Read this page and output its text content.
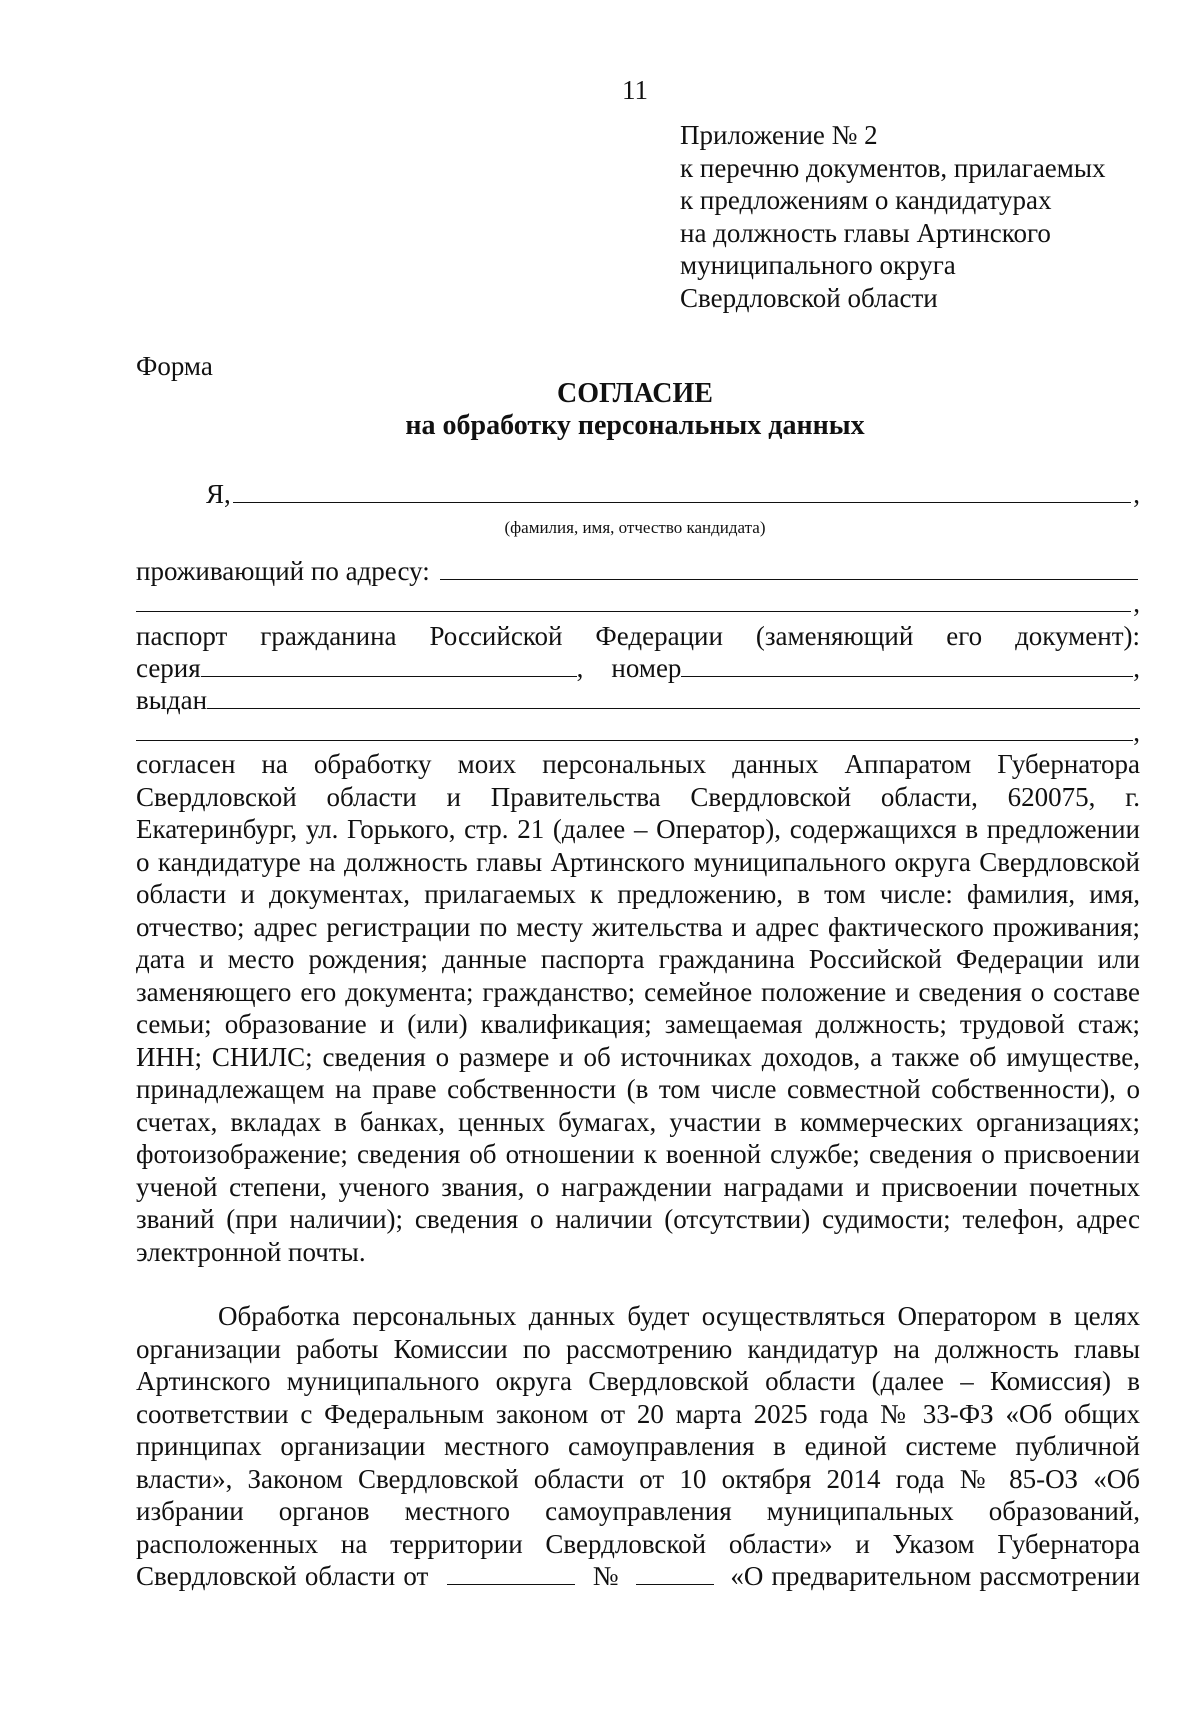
11
Приложение № 2
к перечню документов, прилагаемых
к предложениям о кандидатурах
на должность главы Артинского
муниципального округа
Свердловской области
Форма
СОГЛАСИЕ
на обработку персональных данных
Я,	,
(фамилия, имя, отчество кандидата)
проживающий по адресу:
,
паспорт гражданина Российской Федерации (заменяющий его документ):
серия	, номер	,
выдан
,

согласен на обработку моих персональных данных Аппаратом Губернатора Свердловской области и Правительства Свердловской области, 620075, г. Екатеринбург, ул. Горького, стр. 21 (далее – Оператор), содержащихся в предложении о кандидатуре на должность главы Артинского муниципального округа Свердловской области и документах, прилагаемых к предложению, в том числе: фамилия, имя, отчество; адрес регистрации по месту жительства и адрес фактического проживания; дата и место рождения; данные паспорта гражданина Российской Федерации или заменяющего его документа; гражданство; семейное положение и сведения о составе семьи; образование и (или) квалификация; замещаемая должность; трудовой стаж; ИНН; СНИЛС; сведения о размере и об источниках доходов, а также об имуществе, принадлежащем на праве собственности (в том числе совместной собственности), о счетах, вкладах в банках, ценных бумагах, участии в коммерческих организациях; фотоизображение; сведения об отношении к военной службе; сведения о присвоении ученой степени, ученого звания, о награждении наградами и присвоении почетных званий (при наличии); сведения о наличии (отсутствии) судимости; телефон, адрес электронной почты.

Обработка персональных данных будет осуществляться Оператором в целях организации работы Комиссии по рассмотрению кандидатур на должность главы Артинского муниципального округа Свердловской области (далее – Комиссия) в соответствии с Федеральным законом от 20 марта 2025 года № 33-ФЗ «Об общих принципах организации местного самоуправления в единой системе публичной власти», Законом Свердловской области от 10 октября 2014 года № 85-ОЗ «Об избрании органов местного самоуправления муниципальных образований, расположенных на территории Свердловской области» и Указом Губернатора Свердловской области от	№	«О предварительном рассмотрении
